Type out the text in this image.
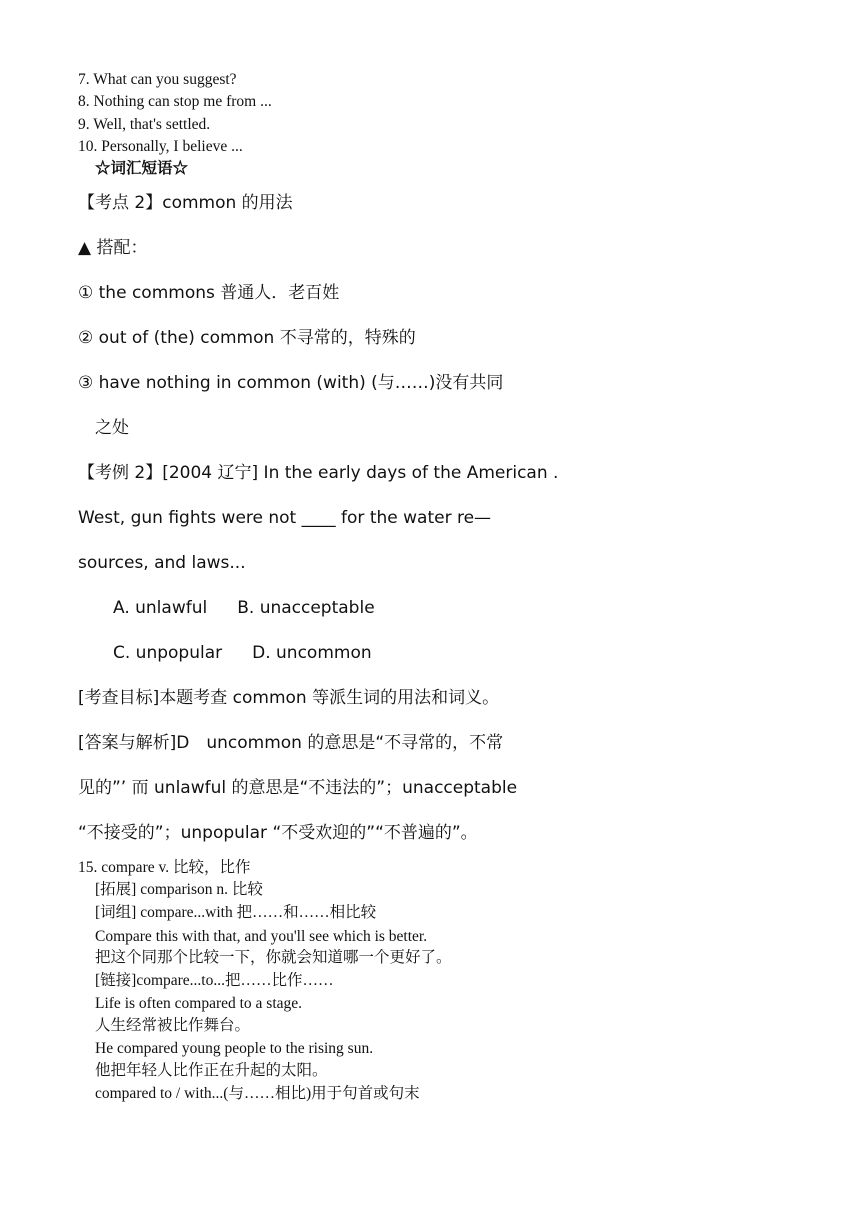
7. What can you suggest?
8. Nothing can stop me from ...
9. Well, that's settled.
10. Personally, I believe ...
☆词汇短语☆
【考点 2】common 的用法
▲ 搭配：
① the commons 普通人．老百姓
② out of (the) common 不寻常的，特殊的
③ have nothing in common (with) (与……)没有共同
之处
【考例 2】[2004 辽宁] In the early days of the American .
West, gun fights were not ____ for the water re—
sources, and laws...
A. unlawful B. unacceptable
C. unpopular D. uncommon
[考查目标]本题考查 common 等派生词的用法和词义。
[答案与解析]D　uncommon 的意思是“不寻常的，不常
见的”’ 而 unlawful 的意思是“不违法的”；unacceptable
“不接受的”；unpopular “不受欢迎的”“不普遍的”。
15. compare v. 比较，比作
[拓展] comparison n. 比较
[词组] compare...with 把……和……相比较
Compare this with that, and you'll see which is better.
把这个同那个比较一下，你就会知道哪一个更好了。
[链接]compare...to...把……比作……
Life is often compared to a stage.
人生经常被比作舞台。
He compared young people to the rising sun.
他把年轻人比作正在升起的太阳。
compared to / with...(与……相比)用于句首或句末
